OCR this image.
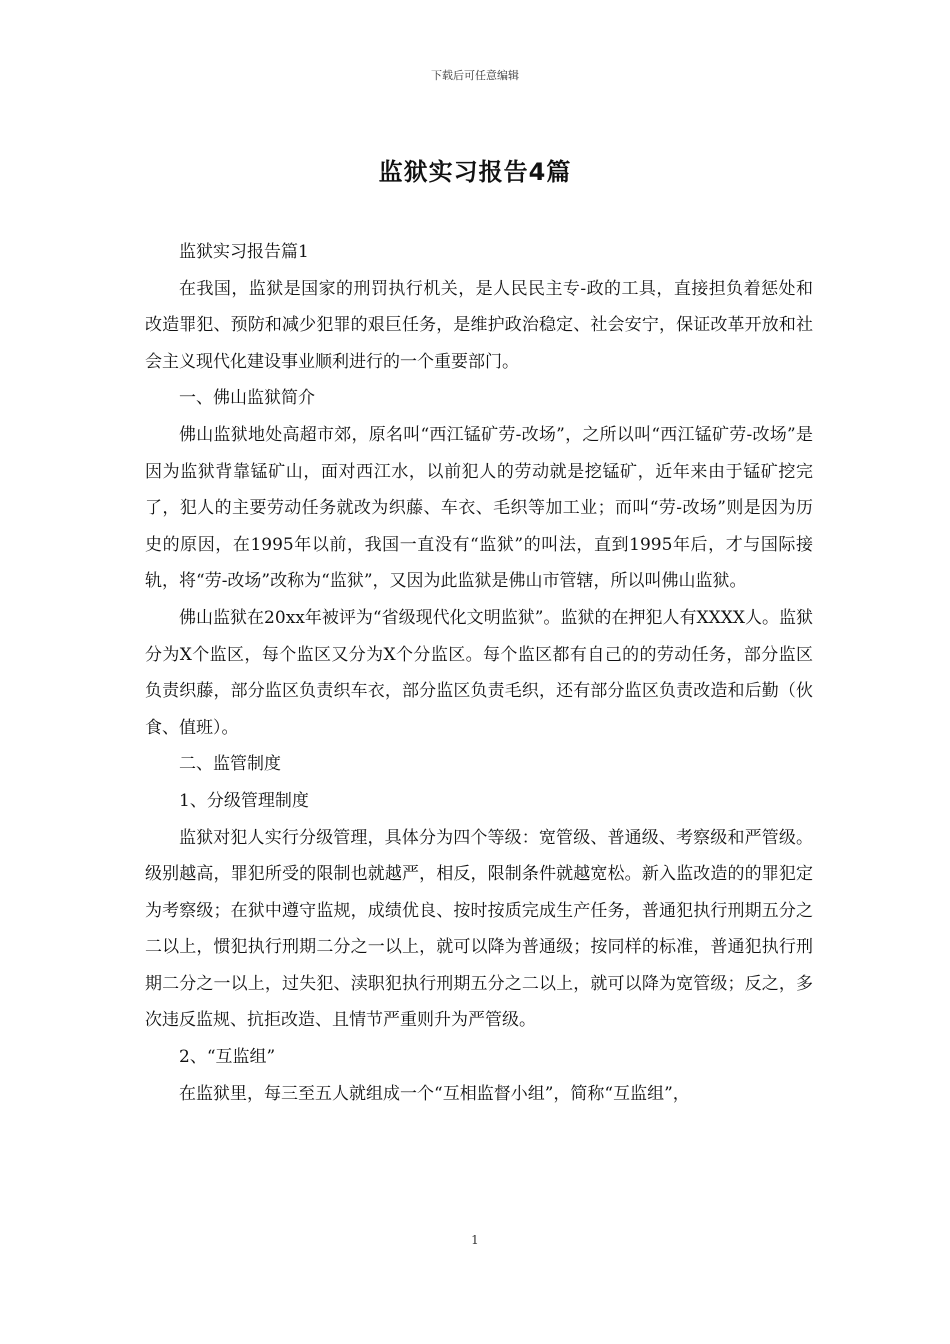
下载后可任意编辑
监狱实习报告4篇

监狱实习报告篇1

在我国，监狱是国家的刑罚执行机关，是人民民主专-政的工具，直接担负着惩处和改造罪犯、预防和减少犯罪的艰巨任务，是维护政治稳定、社会安宁，保证改革开放和社会主义现代化建设事业顺利进行的一个重要部门。

一、佛山监狱简介

佛山监狱地处高超市郊，原名叫“西江锰矿劳-改场”，之所以叫“西江锰矿劳-改场”是因为监狱背靠锰矿山，面对西江水，以前犯人的劳动就是挖锰矿，近年来由于锰矿挖完了，犯人的主要劳动任务就改为织藤、车衣、毛织等加工业；而叫“劳-改场”则是因为历史的原因，在1995年以前，我国一直没有“监狱”的叫法，直到1995年后，才与国际接轨，将“劳-改场”改称为“监狱”，又因为此监狱是佛山市管辖，所以叫佛山监狱。

佛山监狱在20xx年被评为“省级现代化文明监狱”。监狱的在押犯人有XXXX人。监狱分为X个监区，每个监区又分为X个分监区。每个监区都有自己的的劳动任务，部分监区负责织藤，部分监区负责织车衣，部分监区负责毛织，还有部分监区负责改造和后勤（伙食、值班）。

二、监管制度

1、分级管理制度

监狱对犯人实行分级管理，具体分为四个等级：宽管级、普通级、考察级和严管级。级别越高，罪犯所受的限制也就越严，相反，限制条件就越宽松。新入监改造的的罪犯定为考察级；在狱中遵守监规，成绩优良、按时按质完成生产任务，普通犯执行刑期五分之二以上，惯犯执行刑期二分之一以上，就可以降为普通级；按同样的标准，普通犯执行刑期二分之一以上，过失犯、渎职犯执行刑期五分之二以上，就可以降为宽管级；反之，多次违反监规、抗拒改造、且情节严重则升为严管级。

2、“互监组”

在监狱里，每三至五人就组成一个“互相监督小组”，简称“互监组”，

1
